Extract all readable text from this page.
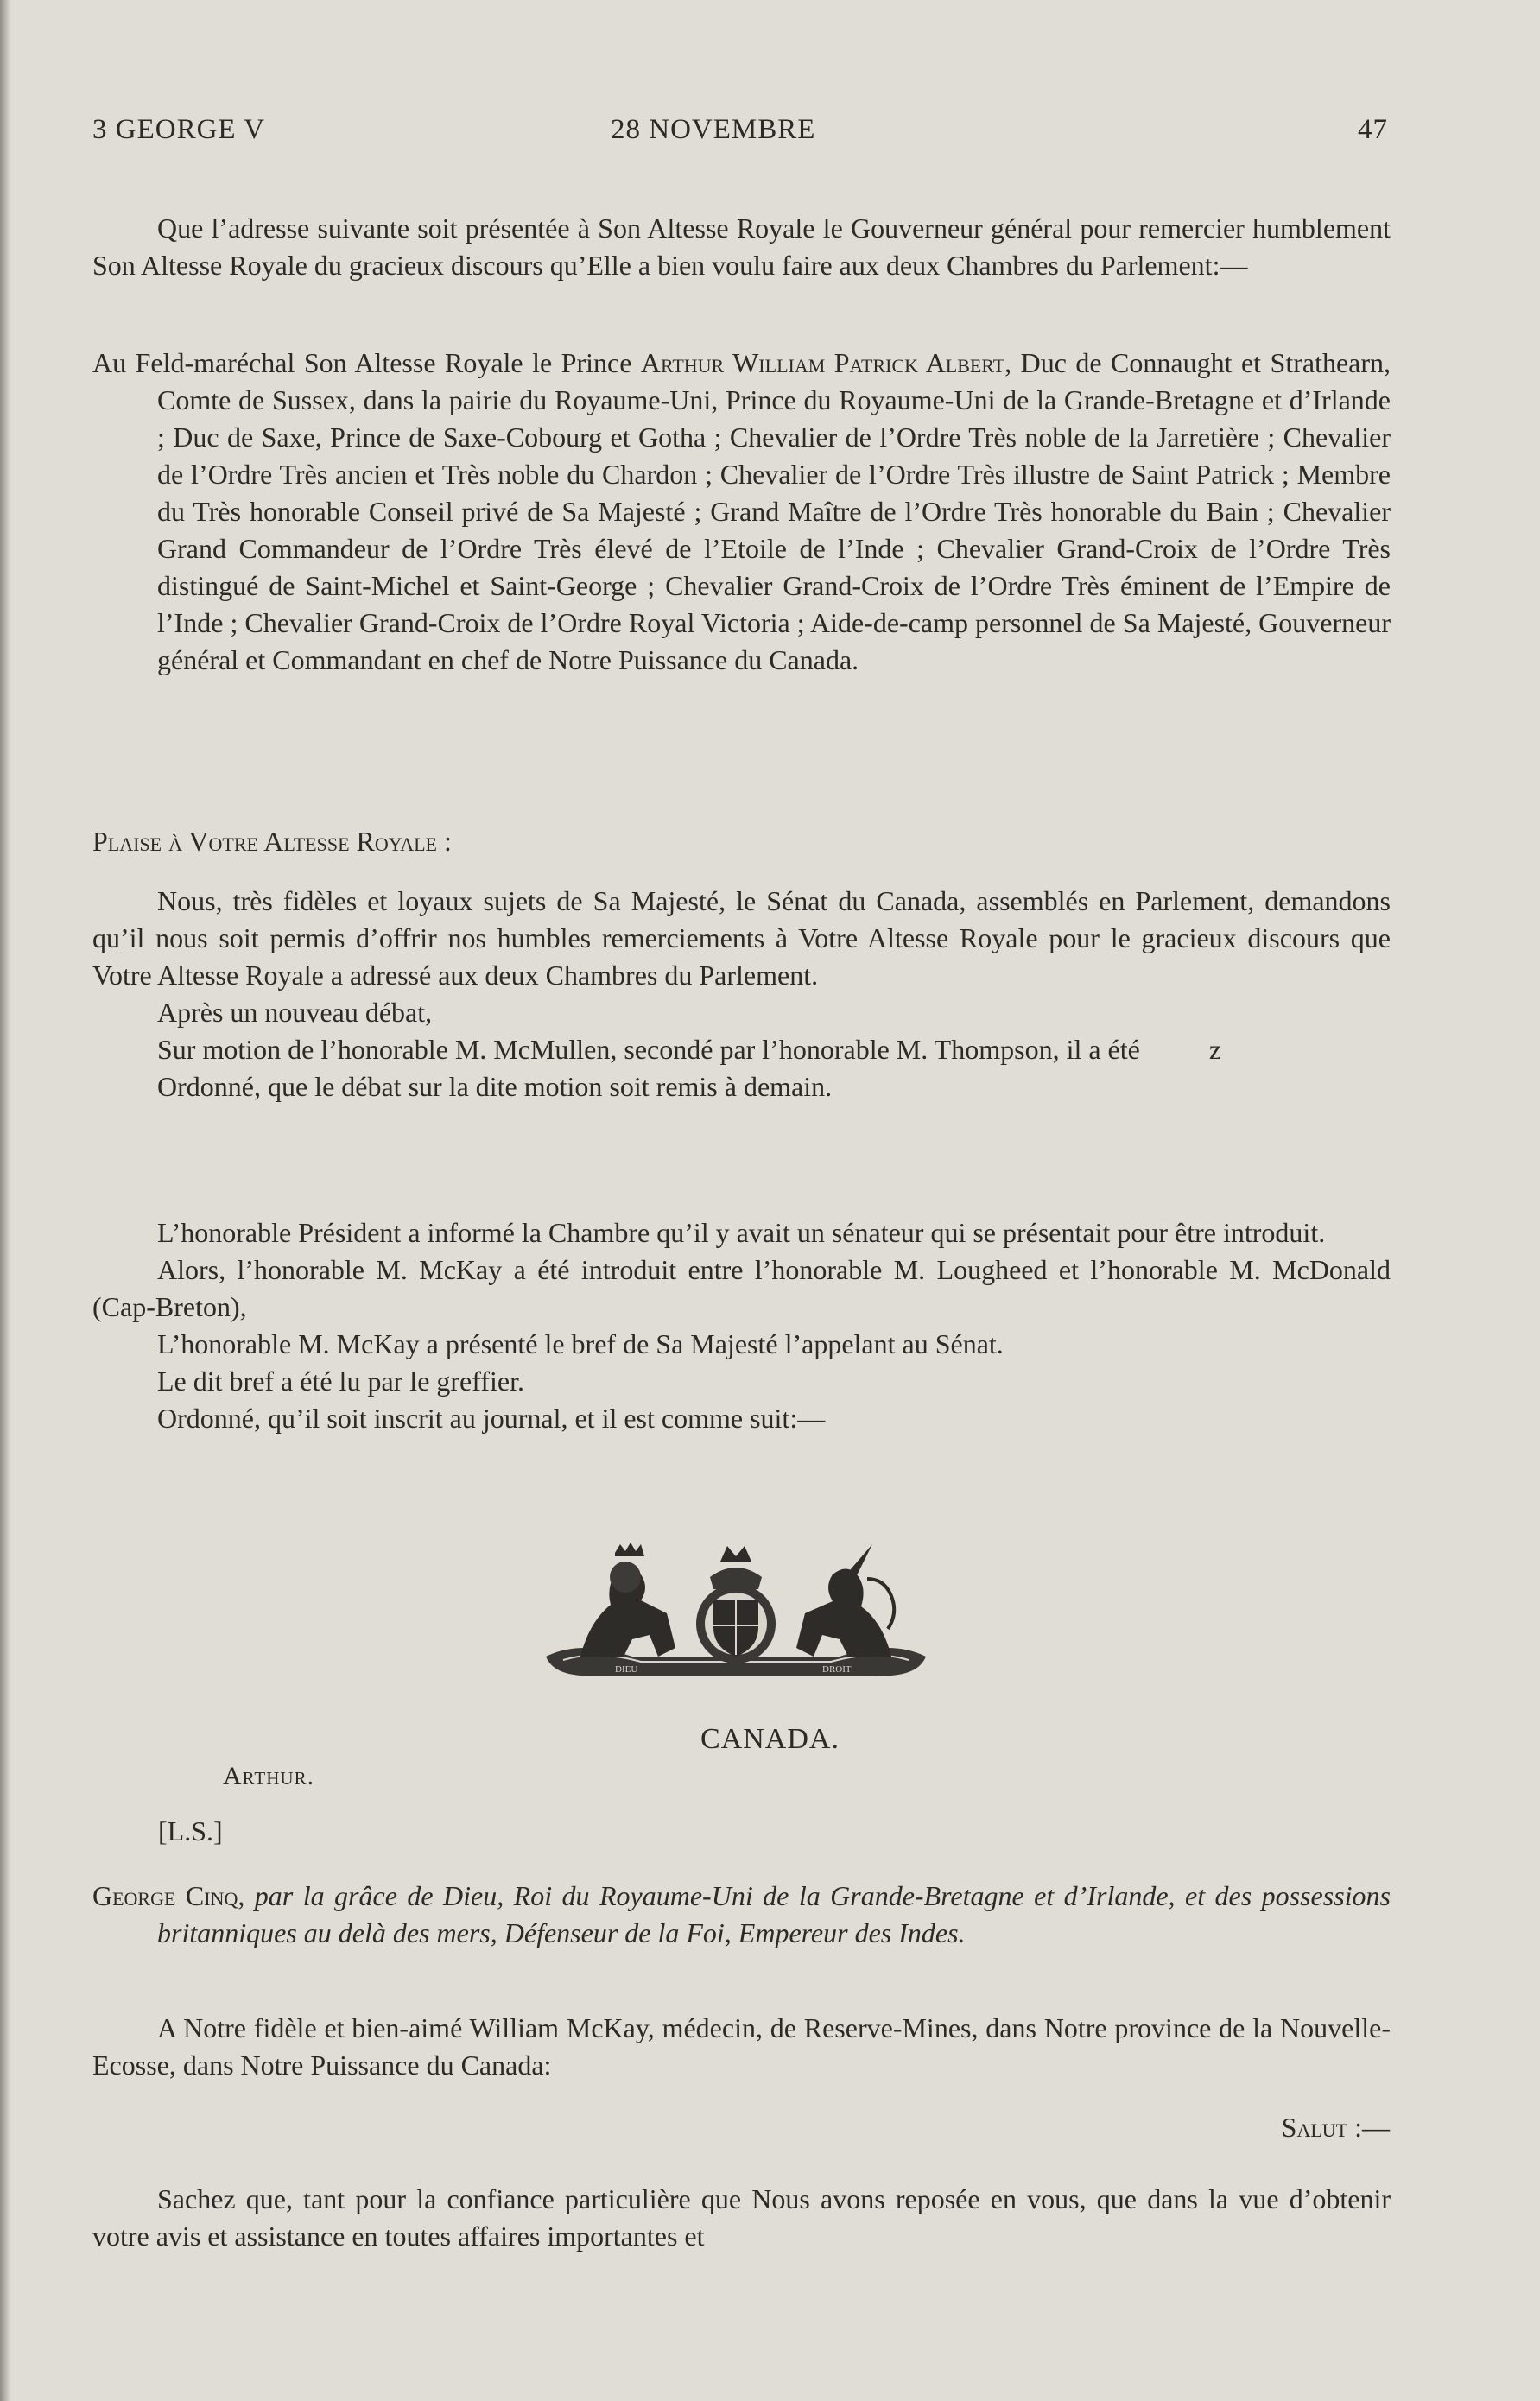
3 GEORGE V	28 NOVEMBRE	47

Que l’adresse suivante soit présentée à Son Altesse Royale le Gouverneur général pour remercier humblement Son Altesse Royale du gracieux discours qu’Elle a bien voulu faire aux deux Chambres du Parlement:—

Au Feld-maréchal Son Altesse Royale le Prince Arthur William Patrick Albert, Duc de Connaught et Strathearn, Comte de Sussex, dans la pairie du Royaume-Uni, Prince du Royaume-Uni de la Grande-Bretagne et d’Irlande ; Duc de Saxe, Prince de Saxe-Cobourg et Gotha ; Chevalier de l’Ordre Très noble de la Jarretière ; Chevalier de l’Ordre Très ancien et Très noble du Chardon ; Chevalier de l’Ordre Très illustre de Saint Patrick ; Membre du Très honorable Conseil privé de Sa Majesté ; Grand Maître de l’Ordre Très honorable du Bain ; Chevalier Grand Commandeur de l’Ordre Très élevé de l’Etoile de l’Inde ; Chevalier Grand-Croix de l’Ordre Très distingué de Saint-Michel et Saint-George ; Chevalier Grand-Croix de l’Ordre Très éminent de l’Empire de l’Inde ; Chevalier Grand-Croix de l’Ordre Royal Victoria ; Aide-de-camp personnel de Sa Majesté, Gouverneur général et Commandant en chef de Notre Puissance du Canada.

Plaise à Votre Altesse Royale :

Nous, très fidèles et loyaux sujets de Sa Majesté, le Sénat du Canada, assemblés en Parlement, demandons qu’il nous soit permis d’offrir nos humbles remerciements à Votre Altesse Royale pour le gracieux discours que Votre Altesse Royale a adressé aux deux Chambres du Parlement.

Après un nouveau débat,

Sur motion de l’honorable M. McMullen, secondé par l’honorable M. Thompson, il a été	z

Ordonné, que le débat sur la dite motion soit remis à demain.

L’honorable Président a informé la Chambre qu’il y avait un sénateur qui se présentait pour être introduit.

Alors, l’honorable M. McKay a été introduit entre l’honorable M. Lougheed et l’honorable M. McDonald (Cap-Breton),

L’honorable M. McKay a présenté le bref de Sa Majesté l’appelant au Sénat.

Le dit bref a été lu par le greffier.

Ordonné, qu’il soit inscrit au journal, et il est comme suit:—

DIEU	DROIT
CANADA.
Arthur.
[L.S.]

George Cinq, par la grâce de Dieu, Roi du Royaume-Uni de la Grande-Bretagne et d’Irlande, et des possessions britanniques au delà des mers, Défenseur de la Foi, Empereur des Indes.

A Notre fidèle et bien-aimé William McKay, médecin, de Reserve-Mines, dans Notre province de la Nouvelle-Ecosse, dans Notre Puissance du Canada:

Salut :—

Sachez que, tant pour la confiance particulière que Nous avons reposée en vous, que dans la vue d’obtenir votre avis et assistance en toutes affaires importantes et
